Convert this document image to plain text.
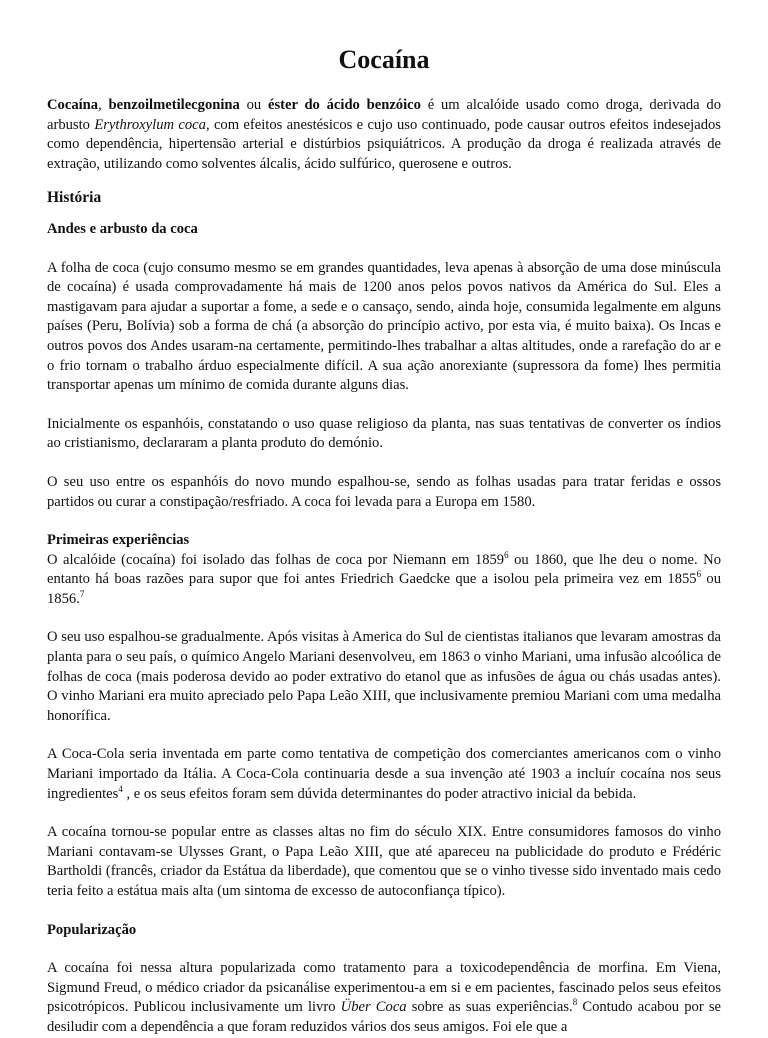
Cocaína

Cocaína, benzoilmetilecgonina ou éster do ácido benzóico é um alcalóide usado como droga, derivada do arbusto Erythroxylum coca, com efeitos anestésicos e cujo uso continuado, pode causar outros efeitos indesejados como dependência, hipertensão arterial e distúrbios psiquiátricos. A produção da droga é realizada através de extração, utilizando como solventes álcalis, ácido sulfúrico, querosene e outros.

História
Andes e arbusto da coca

A folha de coca (cujo consumo mesmo se em grandes quantidades, leva apenas à absorção de uma dose minúscula de cocaína) é usada comprovadamente há mais de 1200 anos pelos povos nativos da América do Sul. Eles a mastigavam para ajudar a suportar a fome, a sede e o cansaço, sendo, ainda hoje, consumida legalmente em alguns países (Peru, Bolívia) sob a forma de chá (a absorção do princípio activo, por esta via, é muito baixa). Os Incas e outros povos dos Andes usaram-na certamente, permitindo-lhes trabalhar a altas altitudes, onde a rarefação do ar e o frio tornam o trabalho árduo especialmente difícil. A sua ação anorexiante (supressora da fome) lhes permitia transportar apenas um mínimo de comida durante alguns dias.

Inicialmente os espanhóis, constatando o uso quase religioso da planta, nas suas tentativas de converter os índios ao cristianismo, declararam a planta produto do demónio.

O seu uso entre os espanhóis do novo mundo espalhou-se, sendo as folhas usadas para tratar feridas e ossos partidos ou curar a constipação/resfriado. A coca foi levada para a Europa em 1580.

Primeiras experiências

O alcalóide (cocaína) foi isolado das folhas de coca por Niemann em 1859$^6$ ou 1860, que lhe deu o nome. No entanto há boas razões para supor que foi antes Friedrich Gaedcke que a isolou pela primeira vez em 1855$^6$ ou 1856.$^7$

O seu uso espalhou-se gradualmente. Após visitas à America do Sul de cientistas italianos que levaram amostras da planta para o seu país, o químico Angelo Mariani desenvolveu, em 1863 o vinho Mariani, uma infusão alcoólica de folhas de coca (mais poderosa devido ao poder extrativo do etanol que as infusões de água ou chás usadas antes). O vinho Mariani era muito apreciado pelo Papa Leão XIII, que inclusivamente premiou Mariani com uma medalha honorífica.

A Coca-Cola seria inventada em parte como tentativa de competição dos comerciantes americanos com o vinho Mariani importado da Itália. A Coca-Cola continuaria desde a sua invenção até 1903 a incluír cocaína nos seus ingredientes$^4$ , e os seus efeitos foram sem dúvida determinantes do poder atractivo inicial da bebida.

A cocaína tornou-se popular entre as classes altas no fim do século XIX. Entre consumidores famosos do vinho Mariani contavam-se Ulysses Grant, o Papa Leão XIII, que até apareceu na publicidade do produto e Frédéric Bartholdi (francês, criador da Estátua da liberdade), que comentou que se o vinho tivesse sido inventado mais cedo teria feito a estátua mais alta (um sintoma de excesso de autoconfiança típico).

Popularização

A cocaína foi nessa altura popularizada como tratamento para a toxicodependência de morfina. Em Viena, Sigmund Freud, o médico criador da psicanálise experimentou-a em si e em pacientes, fascinado pelos seus efeitos psicotrópicos. Publicou inclusivamente um livro Über Coca sobre as suas experiências.$^8$ Contudo acabou por se desiludir com a dependência a que foram reduzidos vários dos seus amigos. Foi ele que a
